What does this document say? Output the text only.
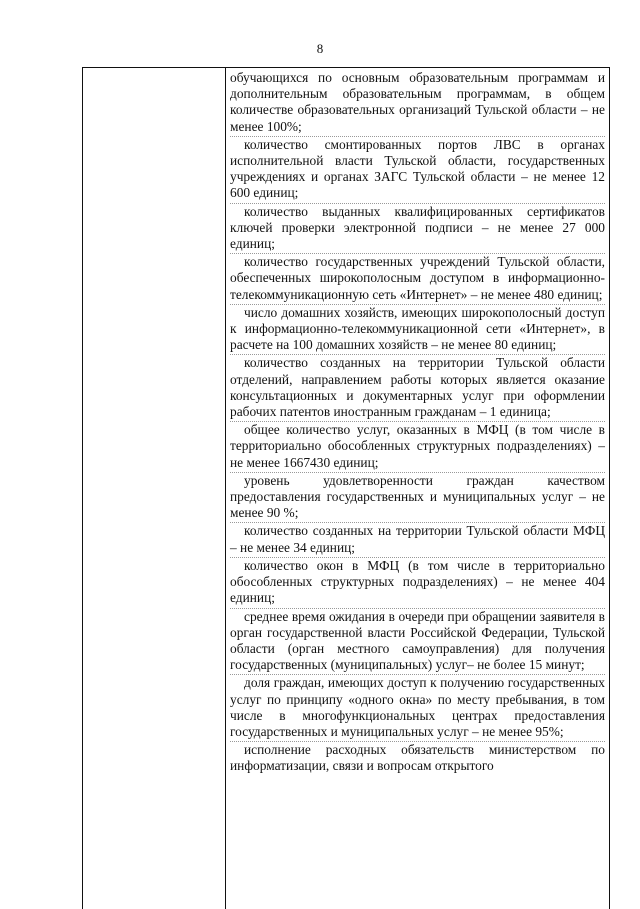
8

обучающихся по основным образовательным программам и дополнительным образовательным программам, в общем количестве образовательных организаций Тульской области – не менее 100%;

количество смонтированных портов ЛВС в органах исполнительной власти Тульской области, государственных учреждениях и органах ЗАГС Тульской области – не менее 12 600 единиц;

количество выданных квалифицированных сертификатов ключей проверки электронной подписи – не менее 27 000 единиц;

количество государственных учреждений Тульской области, обеспеченных широкополосным доступом в информационно-телекоммуникационную сеть «Интернет» – не менее 480 единиц;

число домашних хозяйств, имеющих широкополосный доступ к информационно-телекоммуникационной сети «Интернет», в расчете на 100 домашних хозяйств – не менее 80 единиц;

количество созданных на территории Тульской области отделений, направлением работы которых является оказание консультационных и документарных услуг при оформлении рабочих патентов иностранным гражданам – 1 единица;

общее количество услуг, оказанных в МФЦ (в том числе в территориально обособленных структурных подразделениях) – не менее 1667430 единиц;

уровень удовлетворенности граждан качеством предоставления государственных и муниципальных услуг – не менее 90 %;

количество созданных на территории Тульской области МФЦ – не менее 34 единиц;

количество окон в МФЦ (в том числе в территориально обособленных структурных подразделениях) – не менее 404 единиц;

среднее время ожидания в очереди при обращении заявителя в орган государственной власти Российской Федерации, Тульской области (орган местного самоуправления) для получения государственных (муниципальных) услуг– не более 15 минут;

доля граждан, имеющих доступ к получению государственных услуг по принципу «одного окна» по месту пребывания, в том числе в многофункциональных центрах предоставления государственных и муниципальных услуг – не менее 95%;

исполнение расходных обязательств министерством по информатизации, связи и вопросам открытого
